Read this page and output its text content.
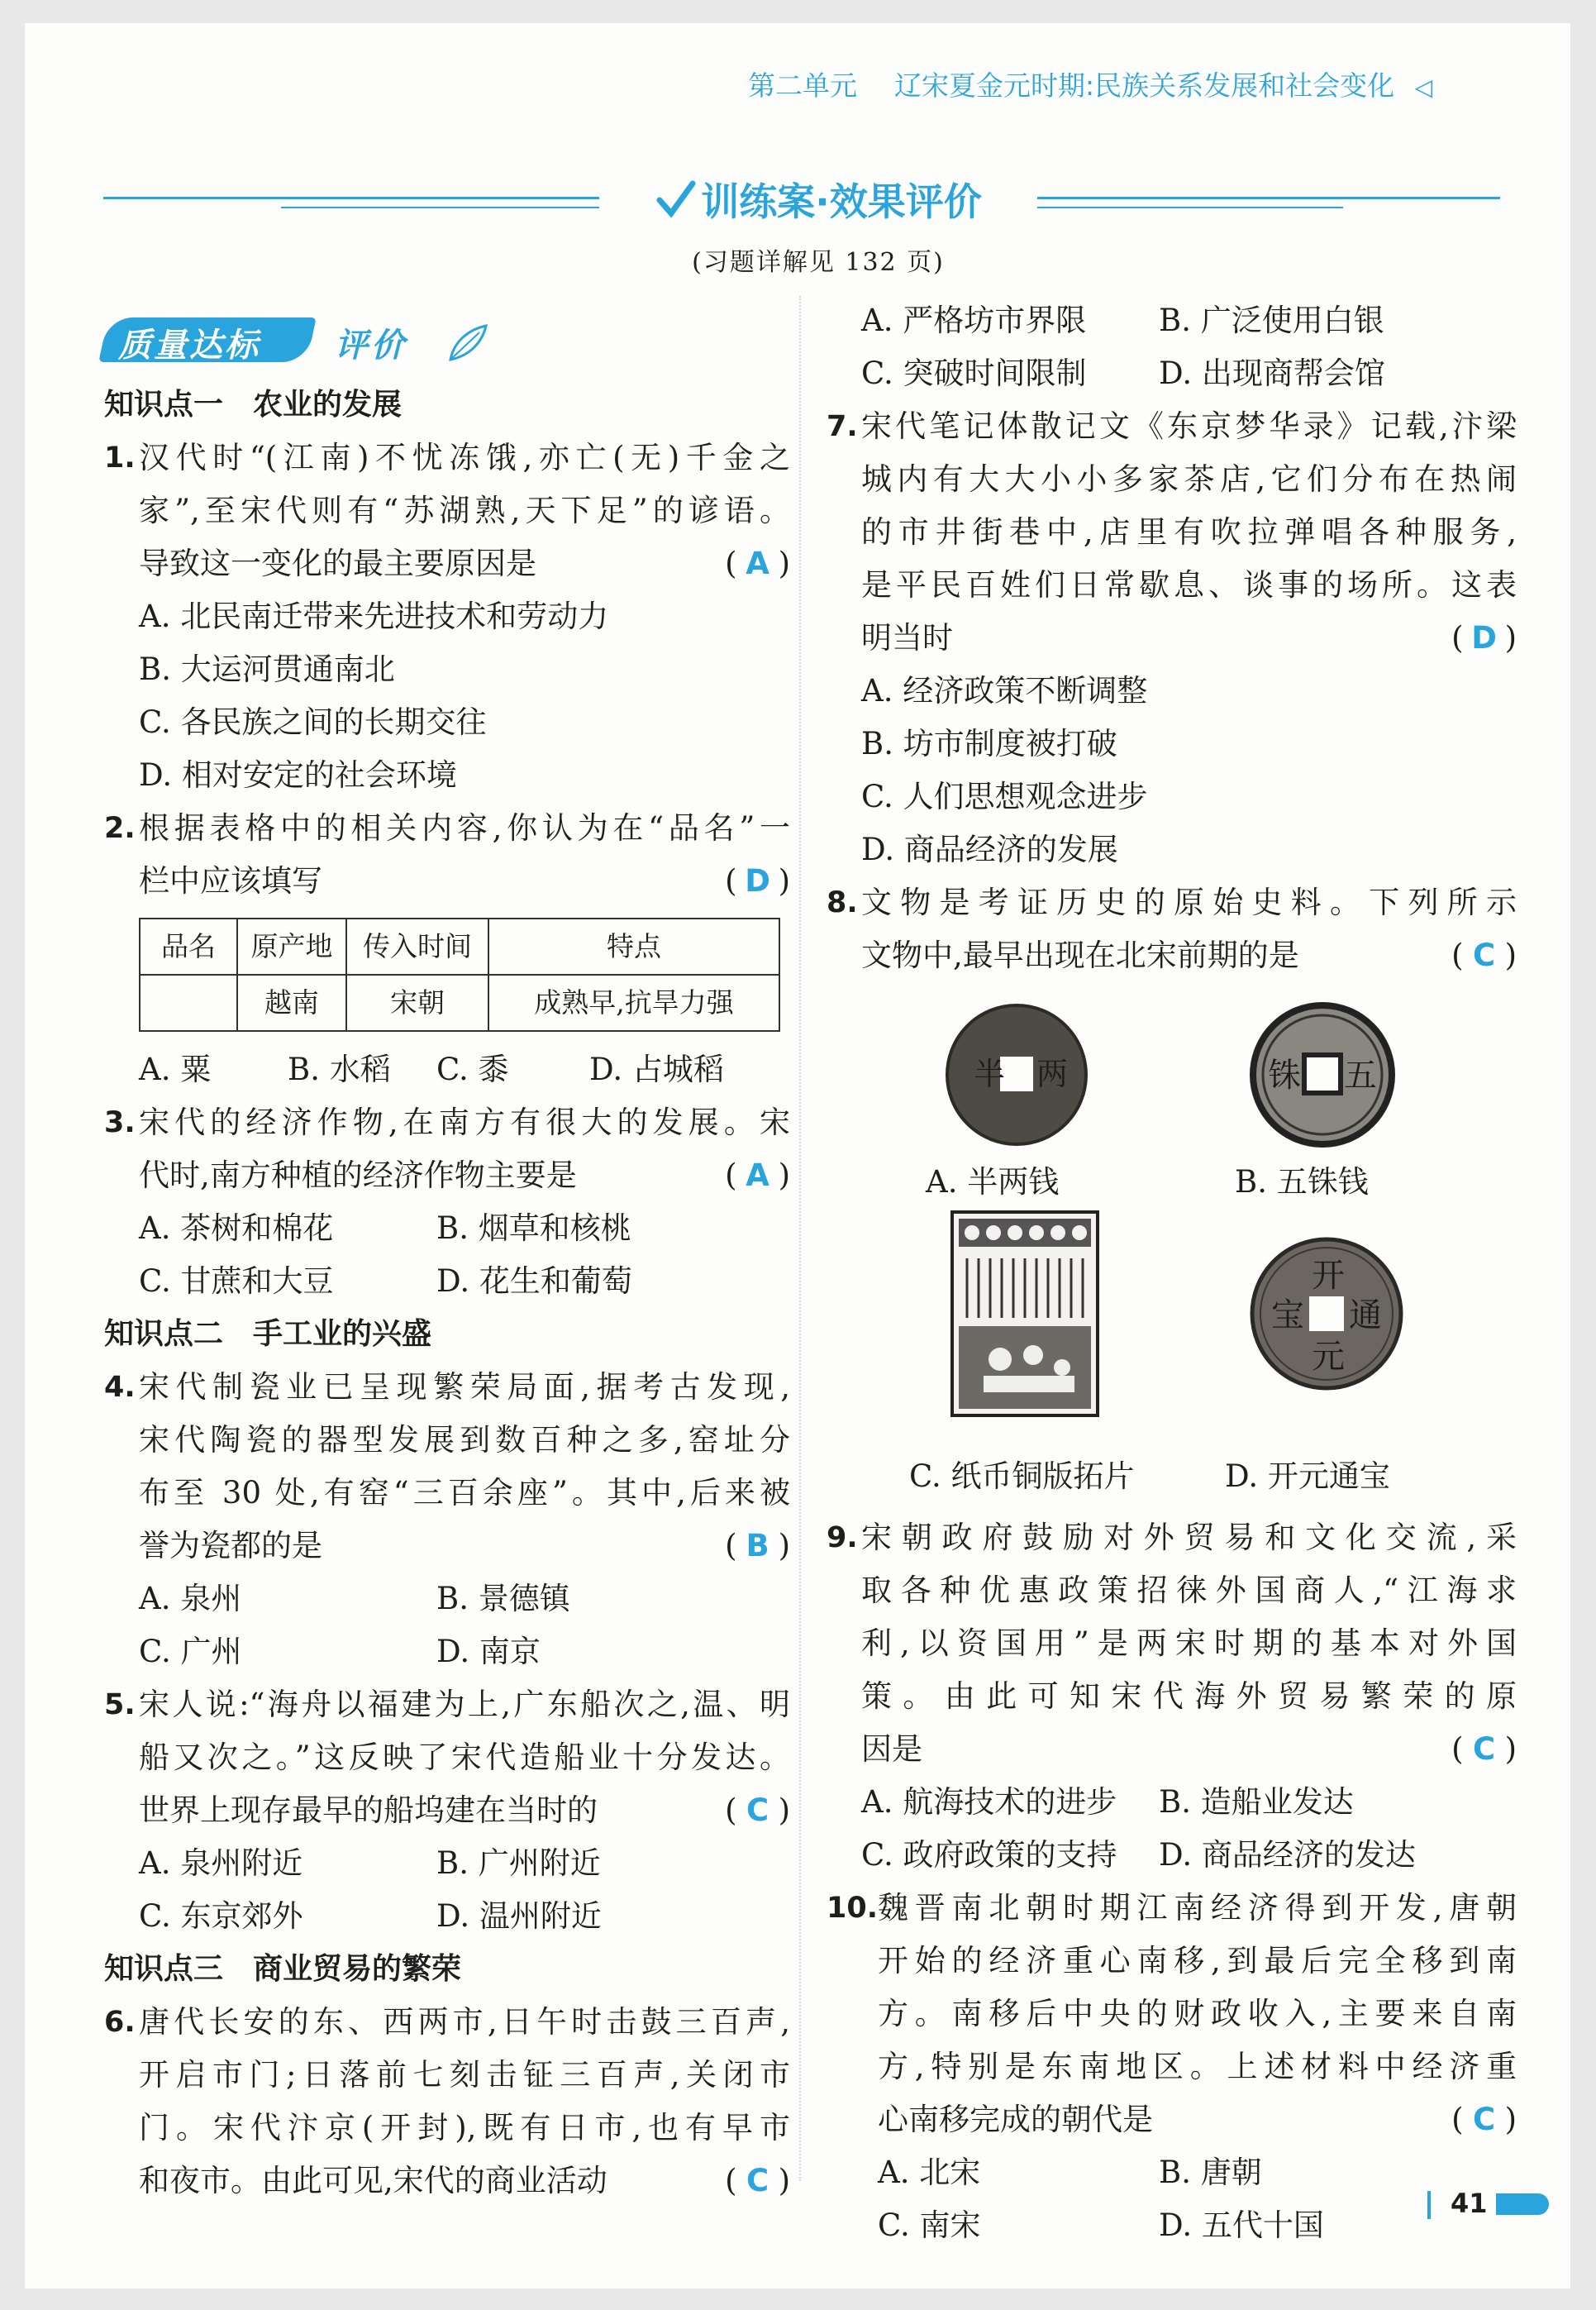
第二单元 辽宋夏金元时期:民族关系发展和社会变化 ◁
训练案·效果评价
(习题详解见 132 页)
质量达标 评价
知识点一　农业的发展
1. 汉代时“(江南)不忧冻饿,亦亡(无)千金之
家”,至宋代则有“苏湖熟,天下足”的谚语。
导致这一变化的最主要原因是	( A )
A. 北民南迁带来先进技术和劳动力
B. 大运河贯通南北
C. 各民族之间的长期交往
D. 相对安定的社会环境
2. 根据表格中的相关内容,你认为在“品名”一
栏中应该填写	( D )
品名	原产地	传入时间	特点
	越南	宋朝	成熟早,抗旱力强
A. 粟	B. 水稻 C. 黍	D. 占城稻
3. 宋代的经济作物,在南方有很大的发展。宋
代时,南方种植的经济作物主要是	( A )
A. 茶树和棉花	B. 烟草和核桃
C. 甘蔗和大豆	D. 花生和葡萄
知识点二　手工业的兴盛
4. 宋代制瓷业已呈现繁荣局面,据考古发现,
宋代陶瓷的器型发展到数百种之多,窑址分
布至 30 处,有窑“三百余座”。其中,后来被
誉为瓷都的是	( B )
A. 泉州	B. 景德镇
C. 广州	D. 南京
5. 宋人说:“海舟以福建为上,广东船次之,温、明
船又次之。”这反映了宋代造船业十分发达。
世界上现存最早的船坞建在当时的	( C )
A. 泉州附近	B. 广州附近
C. 东京郊外	D. 温州附近
知识点三　商业贸易的繁荣
6. 唐代长安的东、西两市,日午时击鼓三百声,
开启市门;日落前七刻击钲三百声,关闭市
门。宋代汴京(开封),既有日市,也有早市
和夜市。由此可见,宋代的商业活动	( C )
A. 严格坊市界限 B. 广泛使用白银
C. 突破时间限制 D. 出现商帮会馆
7. 宋代笔记体散记文《东京梦华录》记载,汴梁
城内有大大小小多家茶店,它们分布在热闹
的市井街巷中,店里有吹拉弹唱各种服务,
是平民百姓们日常歇息、谈事的场所。这表
明当时	( D )
A. 经济政策不断调整
B. 坊市制度被打破
C. 人们思想观念进步
D. 商品经济的发展
8. 文物是考证历史的原始史料。下列所示
文物中,最早出现在北宋前期的是	( C )
半 两	铢 五
A. 半两钱	B. 五铢钱
开
元
通
宝
C. 纸币铜版拓片	D. 开元通宝
9. 宋朝政府鼓励对外贸易和文化交流,采
取各种优惠政策招徕外国商人,“江海求
利,以资国用”是两宋时期的基本对外国
策。由此可知宋代海外贸易繁荣的原
因是	( C )
A. 航海技术的进步 B. 造船业发达
C. 政府政策的支持 D. 商品经济的发达
10. 魏晋南北朝时期江南经济得到开发,唐朝
开始的经济重心南移,到最后完全移到南
方。南移后中央的财政收入,主要来自南
方,特别是东南地区。上述材料中经济重
心南移完成的朝代是	( C )
A. 北宋	B. 唐朝
C. 南宋	D. 五代十国
41
